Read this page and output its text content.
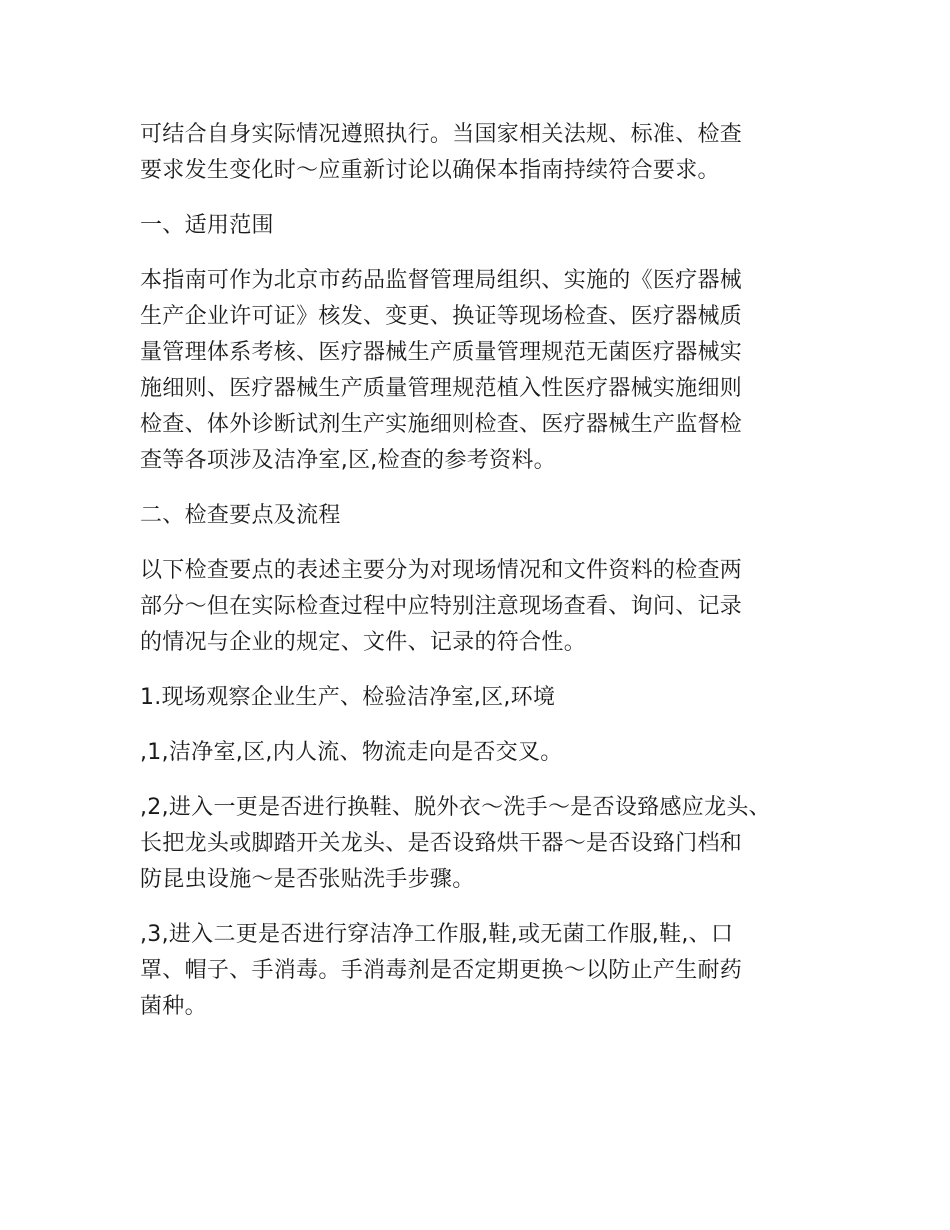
可结合自身实际情况遵照执行。当国家相关法规、标准、检查
要求发生变化时～应重新讨论以确保本指南持续符合要求。

一、适用范围

本指南可作为北京市药品监督管理局组织、实施的《医疗器械
生产企业许可证》核发、变更、换证等现场检查、医疗器械质
量管理体系考核、医疗器械生产质量管理规范无菌医疗器械实
施细则、医疗器械生产质量管理规范植入性医疗器械实施细则
检查、体外诊断试剂生产实施细则检查、医疗器械生产监督检
查等各项涉及洁净室,区,检查的参考资料。

二、检查要点及流程

以下检查要点的表述主要分为对现场情况和文件资料的检查两
部分～但在实际检查过程中应特别注意现场查看、询问、记录
的情况与企业的规定、文件、记录的符合性。

1.现场观察企业生产、检验洁净室,区,环境

,1,洁净室,区,内人流、物流走向是否交叉。

,2,进入一更是否进行换鞋、脱外衣～洗手～是否设臵感应龙头、
长把龙头或脚踏开关龙头、是否设臵烘干器～是否设臵门档和
防昆虫设施～是否张贴洗手步骤。

,3,进入二更是否进行穿洁净工作服,鞋,或无菌工作服,鞋,、口
罩、帽子、手消毒。手消毒剂是否定期更换～以防止产生耐药
菌种。
